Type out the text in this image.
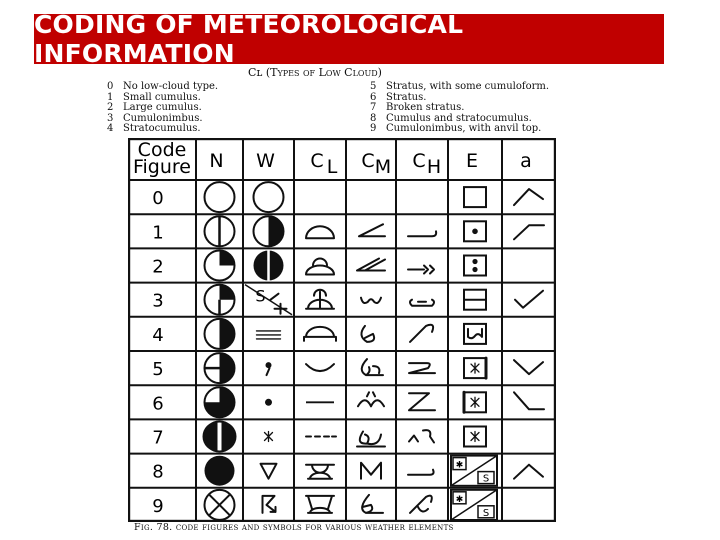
CODING OF METEOROLOGICAL INFORMATION
Cʟ (Types of Low Cloud)
0 No low-cloud type.
1 Small cumulus.
2 Large cumulus.
3 Cumulonimbus.
4 Stratocumulus.
5 Stratus, with some cumuloform.
6 Stratus.
7 Broken stratus.
8 Cumulus and stratocumulus.
9 Cumulonimbus, with anvil top.
Code
Figure N W C L C M C H E a
0
1
2
3
4
5
6
7
8
9
S
✱
S
✱
S
Fig. 78. code figures and symbols for various weather elements
